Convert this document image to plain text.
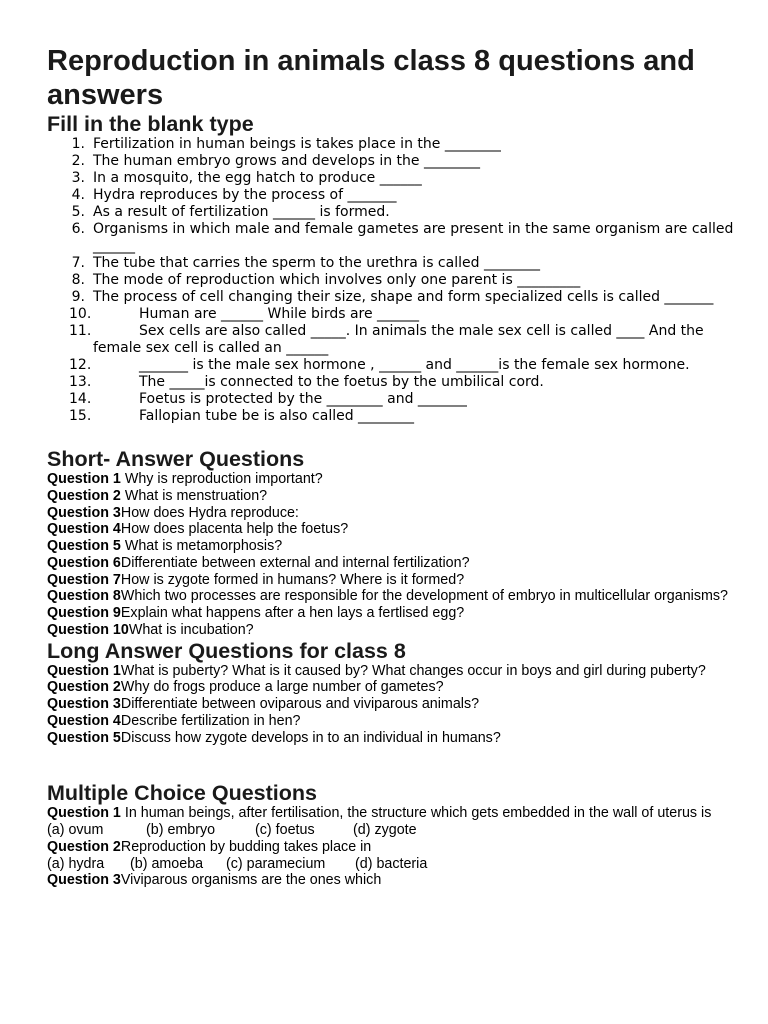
Reproduction in animals class 8 questions and answers
Fill in the blank type
1. Fertilization in human beings is takes place in the ________
2. The human embryo grows and develops in the ________
3. In a mosquito, the egg hatch to produce ______
4. Hydra reproduces by the process of _______
5. As a result of fertilization ______ is formed.
6. Organisms in which male and female gametes are present in the same organism are called ______
7. The tube that carries the sperm to the urethra is called ________
8. The mode of reproduction which involves only one parent is _________
9. The process of cell changing their size, shape and form specialized cells is called _______
10.	Human are ______ While birds are ______
11.	Sex cells are also called _____. In animals the male sex cell is called ____ And the female sex cell is called an ______
12.	_______ is the male sex hormone , ______ and ______is the female sex hormone.
13.	The _____is connected to the foetus by the umbilical cord.
14.	Foetus is protected by the ________ and _______
15.	Fallopian tube be is also called ________
Short- Answer Questions

Question 1 Why is reproduction important?

Question 2 What is menstruation?

Question 3How does Hydra reproduce:

Question 4How does placenta help the foetus?

Question 5 What is metamorphosis?

Question 6Differentiate between external and internal fertilization?

Question 7How is zygote formed in humans? Where is it formed?

Question 8Which two processes are responsible for the development of embryo in multicellular organisms?

Question 9Explain what happens after a hen lays a fertlised egg?

Question 10What is incubation?

Long Answer Questions for class 8

Question 1What is puberty? What is it caused by? What changes occur in boys and girl during puberty?

Question 2Why do frogs produce a large number of gametes?

Question 3Differentiate between oviparous and viviparous animals?

Question 4Describe fertilization in hen?

Question 5Discuss how zygote develops in to an individual in humans?

Multiple Choice Questions

Question 1 In human beings, after fertilisation, the structure which gets embedded in the wall of uterus is

(a) ovum	(b) embryo	(c) foetus	(d) zygote

Question 2Reproduction by budding takes place in

(a) hydra (b) amoeba (c) paramecium (d) bacteria

Question 3Viviparous organisms are the ones which
